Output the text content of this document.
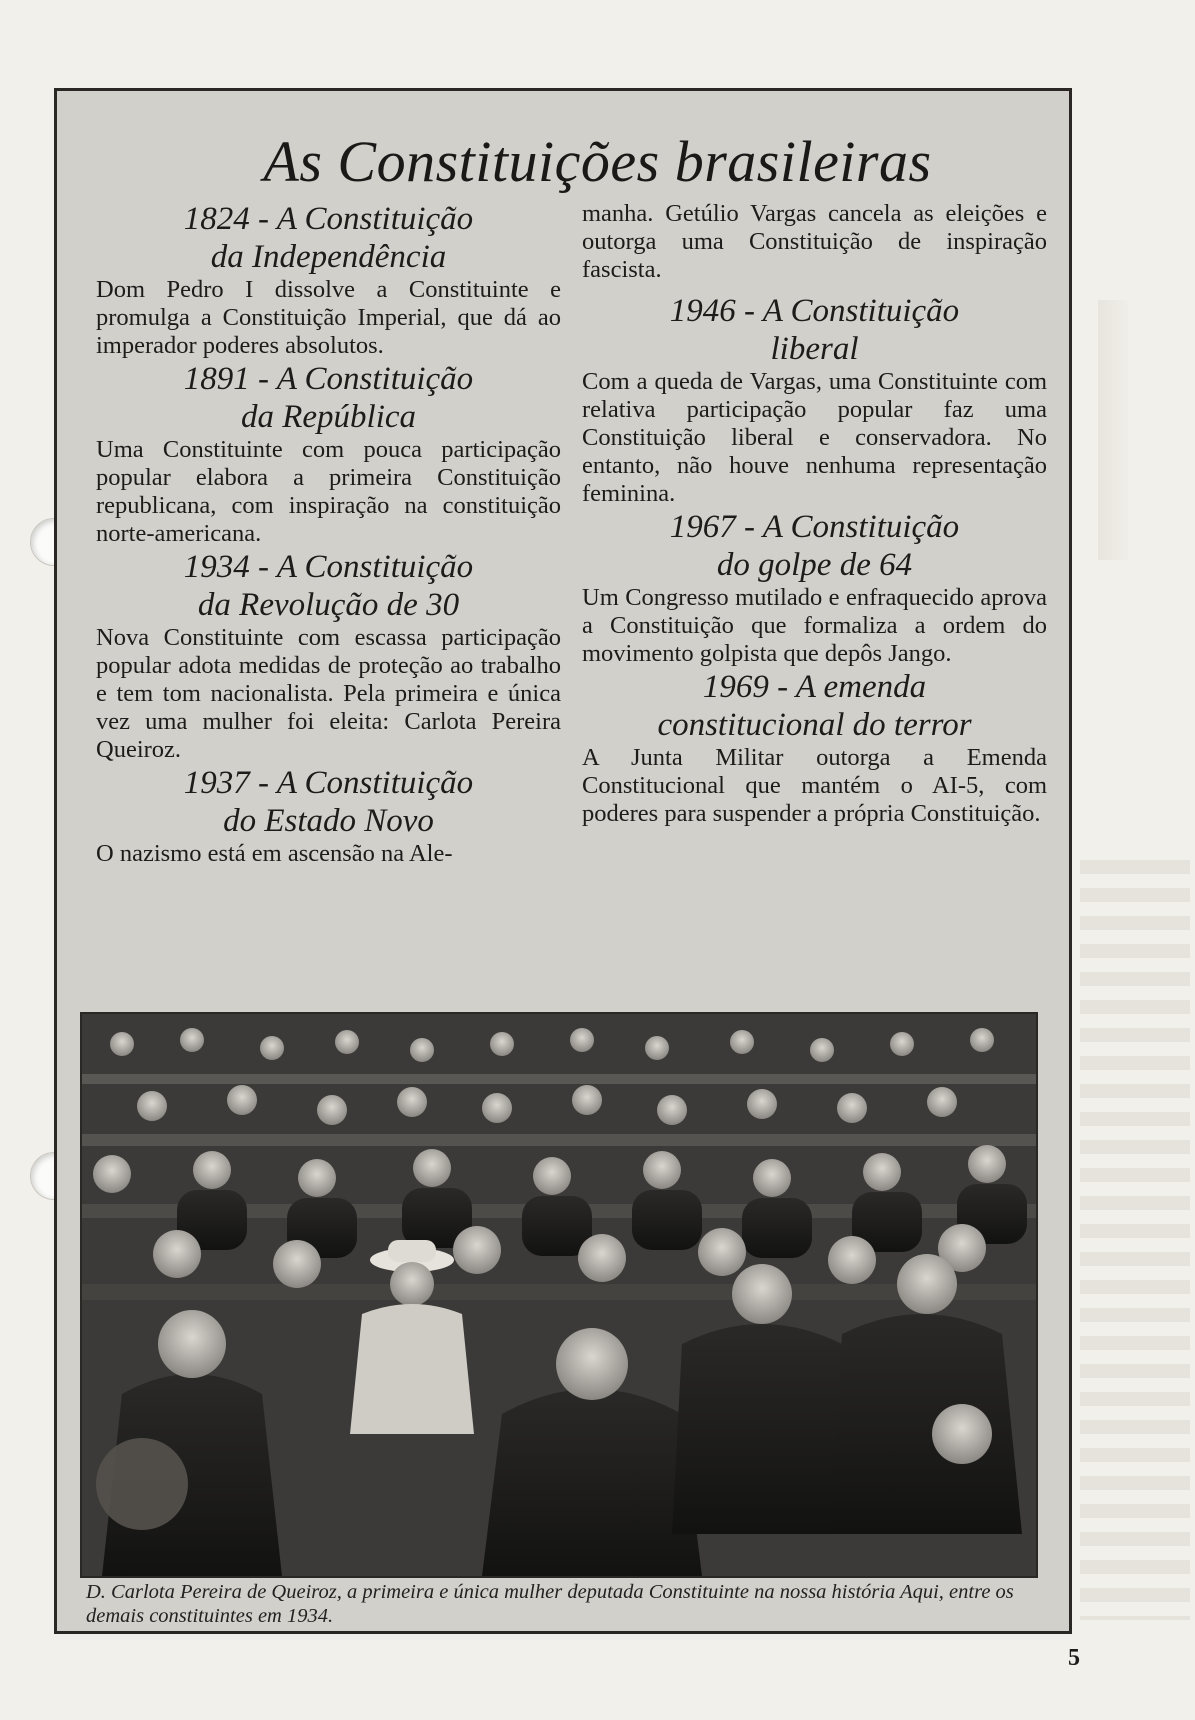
As Constituições brasileiras

1824 - A Constituição
da Independência

Dom Pedro I dissolve a Constituinte e promulga a Constituição Imperial, que dá ao imperador poderes absolutos.

1891 - A Constituição
da República

Uma Constituinte com pouca participação popular elabora a primeira Constituição republicana, com inspiração na constituição norte-americana.

1934 - A Constituição
da Revolução de 30

Nova Constituinte com escassa participação popular adota medidas de proteção ao trabalho e tem tom nacionalista. Pela primeira e única vez uma mulher foi eleita: Carlota Pereira Queiroz.

1937 - A Constituição
do Estado Novo

O nazismo está em ascensão na Ale-

manha. Getúlio Vargas cancela as eleições e outorga uma Constituição de inspiração fascista.

1946 - A Constituição
liberal

Com a queda de Vargas, uma Constituinte com relativa participação popular faz uma Constituição liberal e conservadora. No entanto, não houve nenhuma representação feminina.

1967 - A Constituição
do golpe de 64

Um Congresso mutilado e enfraquecido aprova a Constituição que formaliza a ordem do movimento golpista que depôs Jango.

1969 - A emenda
constitucional do terror

A Junta Militar outorga a Emenda Constitucional que mantém o AI-5, com poderes para suspender a própria Constituição.

D. Carlota Pereira de Queiroz, a primeira e única mulher deputada Constituinte na nossa história Aqui, entre os demais constituintes em 1934.

5
